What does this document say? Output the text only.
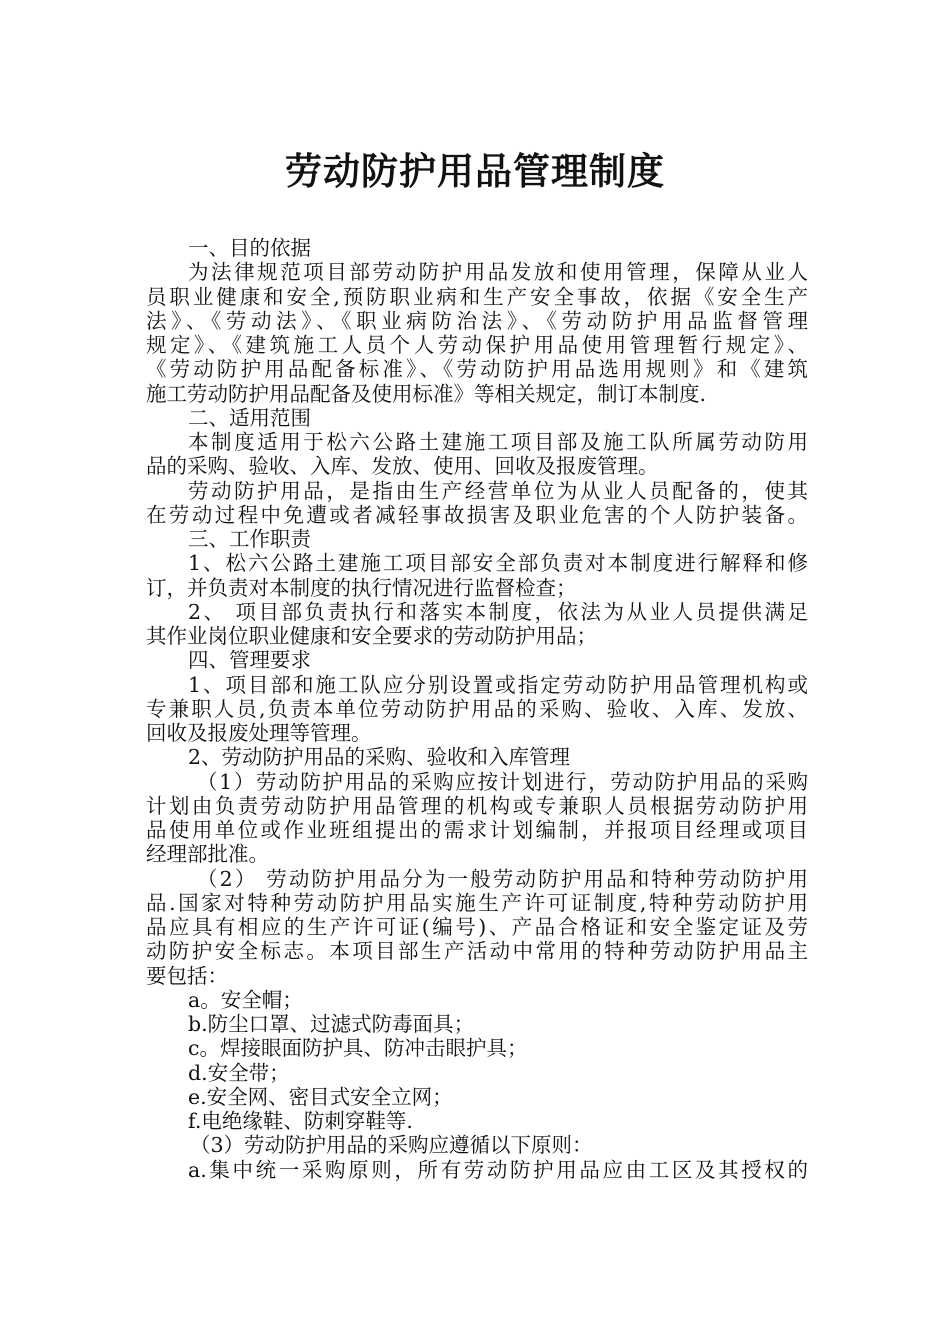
劳动防护用品管理制度
一、目的依据
为法律规范项目部劳动防护用品发放和使用管理，保障从业人
员职业健康和安全,预防职业病和生产安全事故，依据《安全生产
法》、《劳动法》、《职业病防治法》、《劳动防护用品监督管理
规定》、《建筑施工人员个人劳动保护用品使用管理暂行规定》、
《劳动防护用品配备标准》、《劳动防护用品选用规则》和《建筑
施工劳动防护用品配备及使用标准》等相关规定，制订本制度.
二、适用范围
本制度适用于松六公路土建施工项目部及施工队所属劳动防用
品的采购、验收、入库、发放、使用、回收及报废管理。
劳动防护用品，是指由生产经营单位为从业人员配备的，使其
在劳动过程中免遭或者减轻事故损害及职业危害的个人防护装备。
三、工作职责
1、松六公路土建施工项目部安全部负责对本制度进行解释和修
订，并负责对本制度的执行情况进行监督检查；
2、 项目部负责执行和落实本制度，依法为从业人员提供满足
其作业岗位职业健康和安全要求的劳动防护用品；
四、管理要求
1、项目部和施工队应分别设置或指定劳动防护用品管理机构或
专兼职人员,负责本单位劳动防护用品的采购、验收、入库、发放、
回收及报废处理等管理。
2、劳动防护用品的采购、验收和入库管理
（1）劳动防护用品的采购应按计划进行，劳动防护用品的采购
计划由负责劳动防护用品管理的机构或专兼职人员根据劳动防护用
品使用单位或作业班组提出的需求计划编制，并报项目经理或项目
经理部批准。
（2） 劳动防护用品分为一般劳动防护用品和特种劳动防护用
品.国家对特种劳动防护用品实施生产许可证制度,特种劳动防护用
品应具有相应的生产许可证(编号)、产品合格证和安全鉴定证及劳
动防护安全标志。本项目部生产活动中常用的特种劳动防护用品主
要包括：
a。安全帽；
b.防尘口罩、过滤式防毒面具；
c。焊接眼面防护具、防冲击眼护具；
d.安全带；
e.安全网、密目式安全立网；
f.电绝缘鞋、防刺穿鞋等.
（3）劳动防护用品的采购应遵循以下原则：
a.集中统一采购原则，所有劳动防护用品应由工区及其授权的
